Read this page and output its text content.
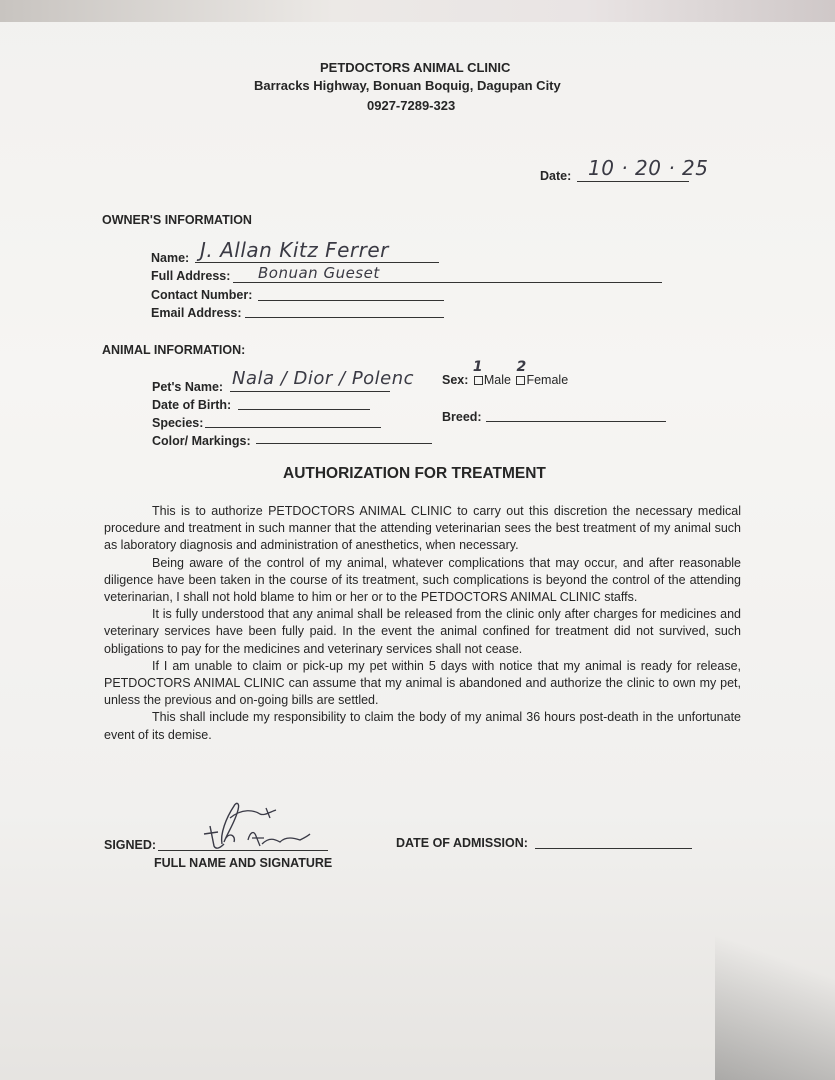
PETDOCTORS ANIMAL CLINIC
Barracks Highway, Bonuan Boquig, Dagupan City
0927-7289-323
Date: 10 · 20 · 25
OWNER'S INFORMATION
Name: J. Allan Kitz Ferrer
Full Address: Bonuan Gueset
Contact Number:
Email Address:
ANIMAL INFORMATION:
Pet's Name: Nala / Dior / Polenc Sex:
1
Male
2
Female
Date of Birth:
Breed:
Species:
Color/ Markings:
AUTHORIZATION FOR TREATMENT

This is to authorize PETDOCTORS ANIMAL CLINIC to carry out this discretion the necessary medical procedure and treatment in such manner that the attending veterinarian sees the best treatment of my animal such as laboratory diagnosis and administration of anesthetics, when necessary.

Being aware of the control of my animal, whatever complications that may occur, and after reasonable diligence have been taken in the course of its treatment, such complications is beyond the control of the attending veterinarian, I shall not hold blame to him or her or to the PETDOCTORS ANIMAL CLINIC staffs.

It is fully understood that any animal shall be released from the clinic only after charges for medicines and veterinary services have been fully paid. In the event the animal confined for treatment did not survived, such obligations to pay for the medicines and veterinary services shall not cease.

If I am unable to claim or pick-up my pet within 5 days with notice that my animal is ready for release, PETDOCTORS ANIMAL CLINIC can assume that my animal is abandoned and authorize the clinic to own my pet, unless the previous and on-going bills are settled.

This shall include my responsibility to claim the body of my animal 36 hours post-death in the unfortunate event of its demise.

SIGNED:
FULL NAME AND SIGNATURE
DATE OF ADMISSION:
